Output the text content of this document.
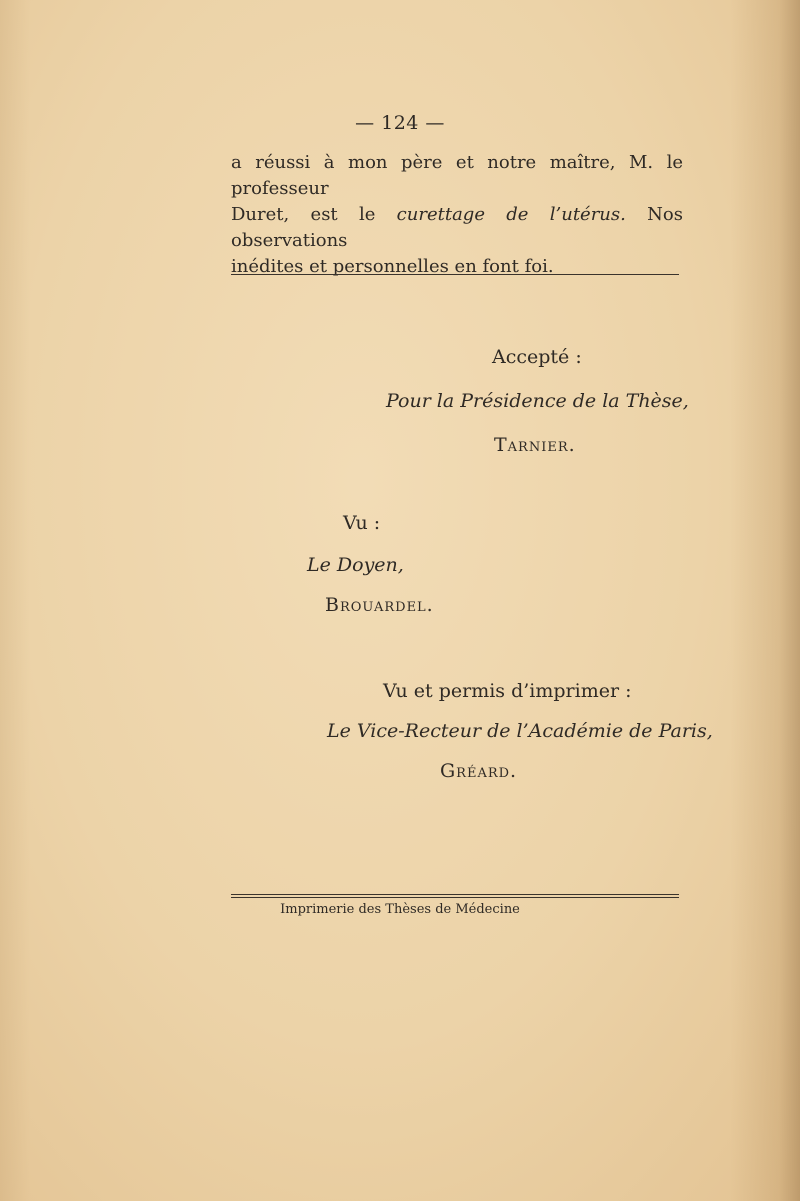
— 124 —
a réussi à mon père et notre maître, M. le professeur
Duret, est le curettage de l’utérus. Nos observations
inédites et personnelles en font foi.
Accepté :
Pour la Présidence de la Thèse,
Tarnier.
Vu :
Le Doyen,
Brouardel.
Vu et permis d’imprimer :
Le Vice-Recteur de l’Académie de Paris,
Gréard.
Imprimerie des Thèses de Médecine
